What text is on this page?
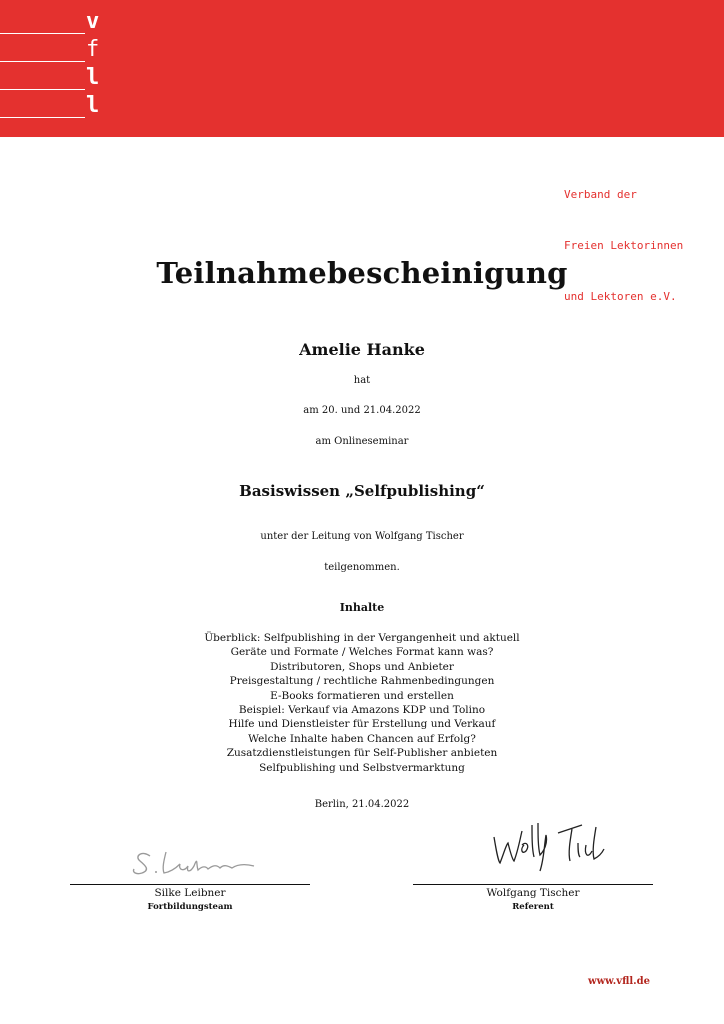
v
f
l
l

Verband der

Freien Lektorinnen

und Lektoren e.V.

Teilnahmebescheinigung
Amelie Hanke
hat
am 20. und 21.04.2022
am Onlineseminar
Basiswissen „Selfpublishing“
unter der Leitung von Wolfgang Tischer
teilgenommen.
Inhalte
Überblick: Selfpublishing in der Vergangenheit und aktuell
Geräte und Formate / Welches Format kann was?
Distributoren, Shops und Anbieter
Preisgestaltung / rechtliche Rahmenbedingungen
E-Books formatieren und erstellen
Beispiel: Verkauf via Amazons KDP und Tolino
Hilfe und Dienstleister für Erstellung und Verkauf
Welche Inhalte haben Chancen auf Erfolg?
Zusatzdienstleistungen für Self-Publisher anbieten
Selfpublishing und Selbstvermarktung
Berlin, 21.04.2022
Silke Leibner
Fortbildungsteam
Wolfgang Tischer
Referent
www.vfll.de
